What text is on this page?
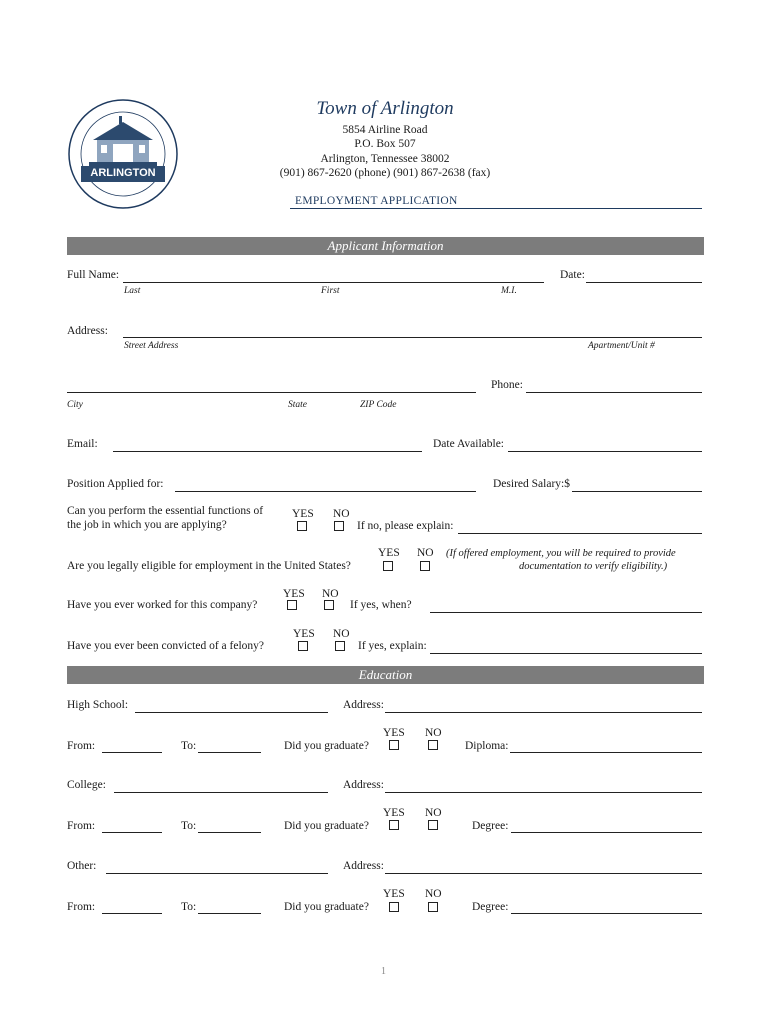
ARLINGTON
Town of Arlington
5854 Airline Road
P.O. Box 507
Arlington, Tennessee 38002
(901) 867-2620 (phone) (901) 867-2638 (fax)
EMPLOYMENT APPLICATION
Applicant Information
Full Name:	Date:
Last	First	M.I.
Address:
Street Address	Apartment/Unit #
Phone:
City	State	ZIP Code
Email:	Date Available:
Position Applied for:	Desired Salary:$
Can you perform the essential functions of
the job in which you are applying?
YES NO
If no, please explain:
YES NO
Are you legally eligible for employment in the United States?
(If offered employment, you will be required to provide
documentation to verify eligibility.)
YES NO
Have you ever worked for this company?	If yes, when?
YES NO
Have you ever been convicted of a felony?	If yes, explain:
Education
High School:	Address:
YES NO
From:	To:	Did you graduate?	Diploma:
College:	Address:
YES NO
From:	To:	Did you graduate?	Degree:
Other:	Address:
YES NO
From:	To:	Did you graduate?	Degree:
1
